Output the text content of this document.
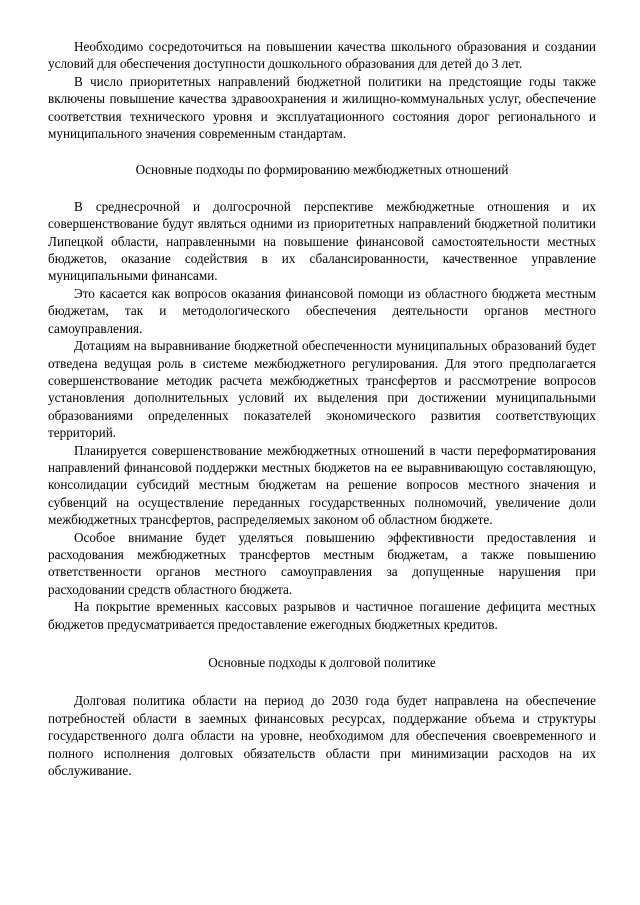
Необходимо сосредоточиться на повышении качества школьного образования и создании условий для обеспечения доступности дошкольного образования для детей до 3 лет.

В число приоритетных направлений бюджетной политики на предстоящие годы также включены повышение качества здравоохранения и жилищно-коммунальных услуг, обеспечение соответствия технического уровня и эксплуатационного состояния дорог регионального и муниципального значения современным стандартам.

Основные подходы по формированию межбюджетных отношений

В среднесрочной и долгосрочной перспективе межбюджетные отношения и их совершенствование будут являться одними из приоритетных направлений бюджетной политики Липецкой области, направленными на повышение финансовой самостоятельности местных бюджетов, оказание содействия в их сбалансированности, качественное управление муниципальными финансами.

Это касается как вопросов оказания финансовой помощи из областного бюджета местным бюджетам, так и методологического обеспечения деятельности органов местного самоуправления.

Дотациям на выравнивание бюджетной обеспеченности муниципальных образований будет отведена ведущая роль в системе межбюджетного регулирования. Для этого предполагается совершенствование методик расчета межбюджетных трансфертов и рассмотрение вопросов установления дополнительных условий их выделения при достижении муниципальными образованиями определенных показателей экономического развития соответствующих территорий.

Планируется совершенствование межбюджетных отношений в части переформатирования направлений финансовой поддержки местных бюджетов на ее выравнивающую составляющую, консолидации субсидий местным бюджетам на решение вопросов местного значения и субвенций на осуществление переданных государственных полномочий, увеличение доли межбюджетных трансфертов, распределяемых законом об областном бюджете.

Особое внимание будет уделяться повышению эффективности предоставления и расходования межбюджетных трансфертов местным бюджетам, а также повышению ответственности органов местного самоуправления за допущенные нарушения при расходовании средств областного бюджета.

На покрытие временных кассовых разрывов и частичное погашение дефицита местных бюджетов предусматривается предоставление ежегодных бюджетных кредитов.

Основные подходы к долговой политике

Долговая политика области на период до 2030 года будет направлена на обеспечение потребностей области в заемных финансовых ресурсах, поддержание объема и структуры государственного долга области на уровне, необходимом для обеспечения своевременного и полного исполнения долговых обязательств области при минимизации расходов на их обслуживание.
